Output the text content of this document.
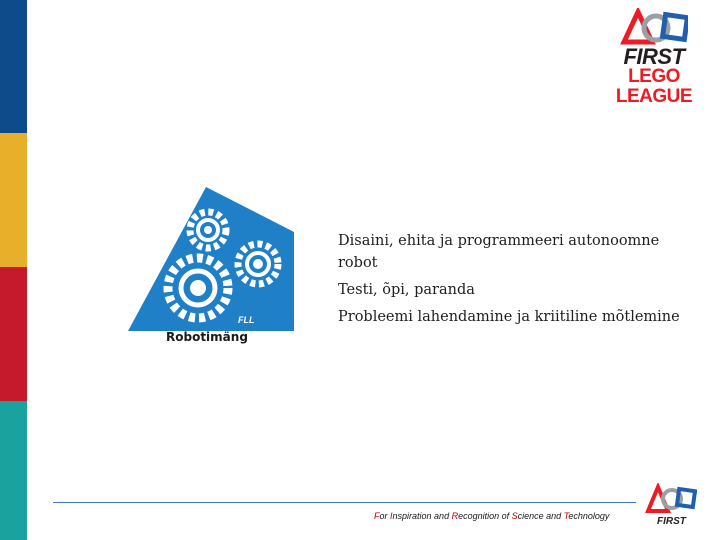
FIRST
LEGO
LEAGUE
FLL
Robotimäng

Disaini, ehita ja programmeeri autonoomne robot

Testi, õpi, paranda

Probleemi lahendamine ja kriitiline mõtlemine

For Inspiration and Recognition of Science and Technology	FIRST
